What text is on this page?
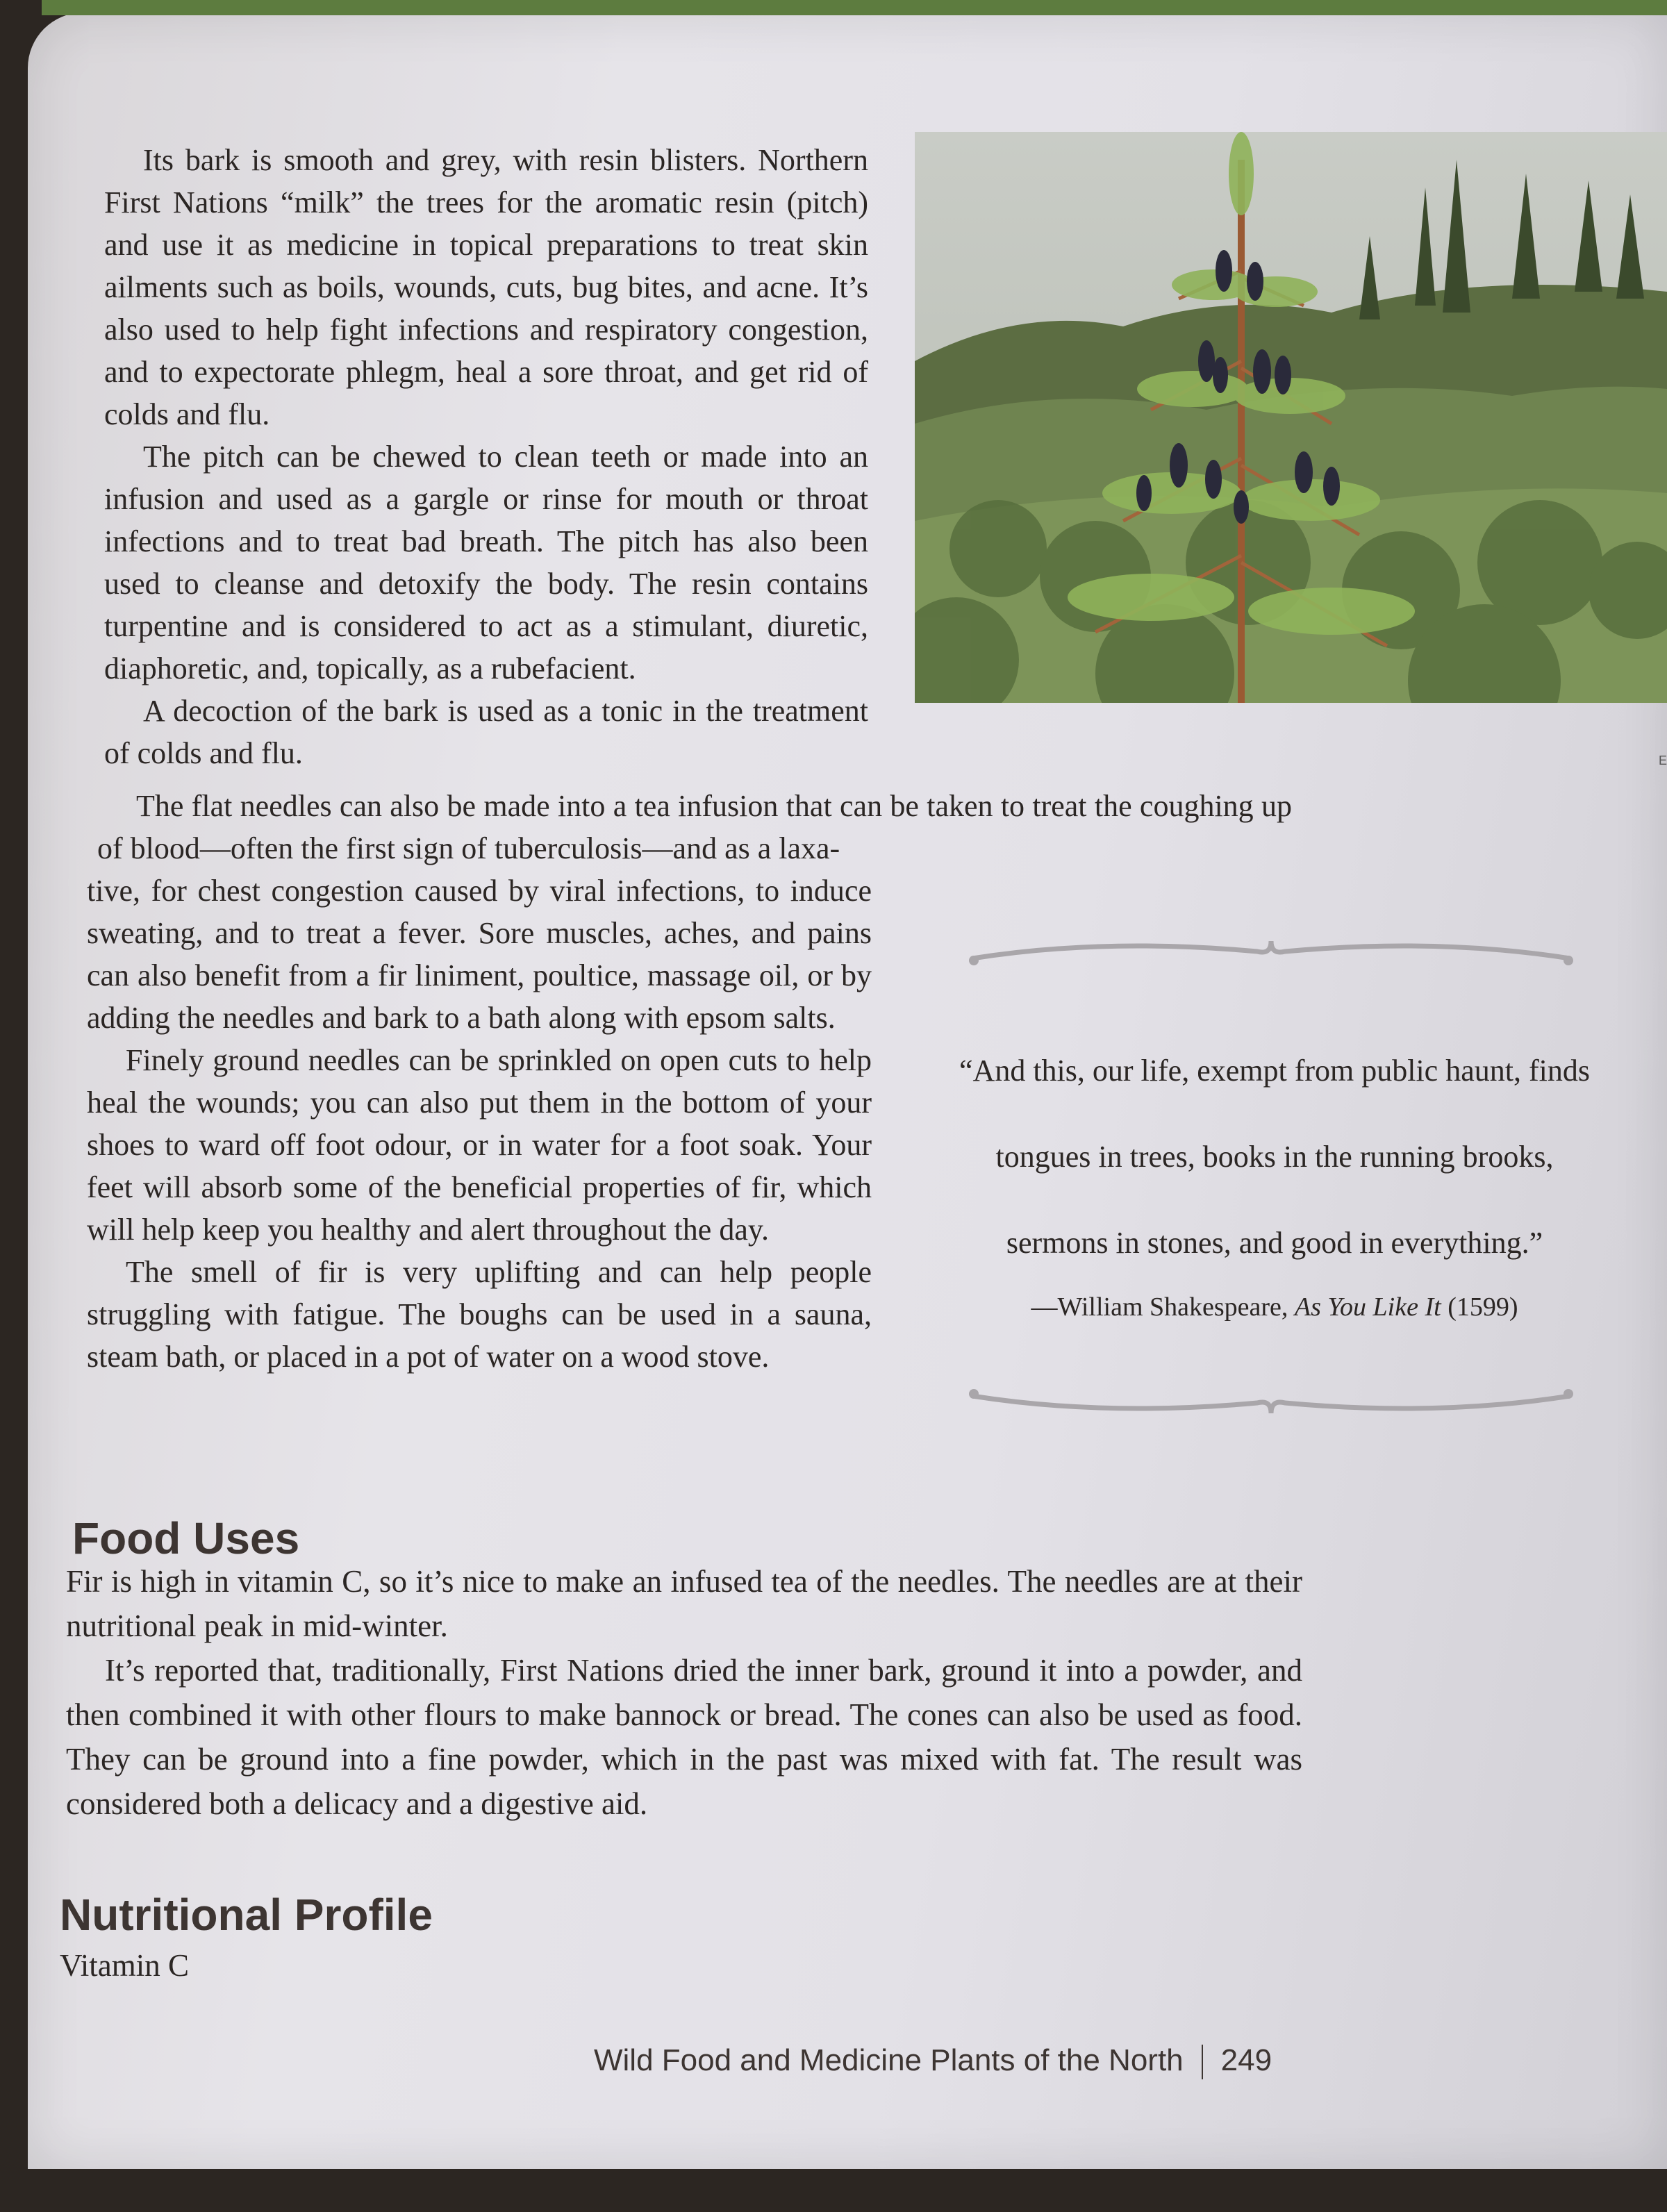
Its bark is smooth and grey, with resin blisters. Northern First Nations “milk” the trees for the aromatic resin (pitch) and use it as medicine in topical preparations to treat skin ailments such as boils, wounds, cuts, bug bites, and acne. It’s also used to help fight infections and respiratory congestion, and to expectorate phlegm, heal a sore throat, and get rid of colds and flu.

The pitch can be chewed to clean teeth or made into an infusion and used as a gargle or rinse for mouth or throat infections and to treat bad breath. The pitch has also been used to cleanse and detoxify the body. The resin contains turpentine and is considered to act as a stimulant, diuretic, diaphoretic, and, topically, as a rubefacient.

A decoction of the bark is used as a tonic in the treatment of colds and flu.

The flat needles can also be made into a tea infusion that can be taken to treat the coughing up of blood—often the first sign of tuberculosis—and as a laxa-

tive, for chest congestion caused by viral infections, to induce sweating, and to treat a fever. Sore muscles, aches, and pains can also benefit from a fir liniment, poultice, massage oil, or by adding the needles and bark to a bath along with epsom salts.

Finely ground needles can be sprinkled on open cuts to help heal the wounds; you can also put them in the bottom of your shoes to ward off foot odour, or in water for a foot soak. Your feet will absorb some of the beneficial properties of fir, which will help keep you healthy and alert throughout the day.

The smell of fir is very uplifting and can help people struggling with fatigue. The boughs can be used in a sauna, steam bath, or placed in a pot of water on a wood stove.

“And this, our life, exempt from public haunt, finds

tongues in trees, books in the running brooks,

sermons in stones, and good in everything.”

—William Shakespeare, As You Like It (1599)

Food Uses

Fir is high in vitamin C, so it’s nice to make an infused tea of the needles. The needles are at their nutritional peak in mid-winter.

It’s reported that, traditionally, First Nations dried the inner bark, ground it into a powder, and then combined it with other flours to make bannock or bread. The cones can also be used as food. They can be ground into a fine powder, which in the past was mixed with fat. The result was considered both a delicacy and a digestive aid.

Nutritional Profile

Vitamin C

Wild Food and Medicine Plants of the North 249
E
